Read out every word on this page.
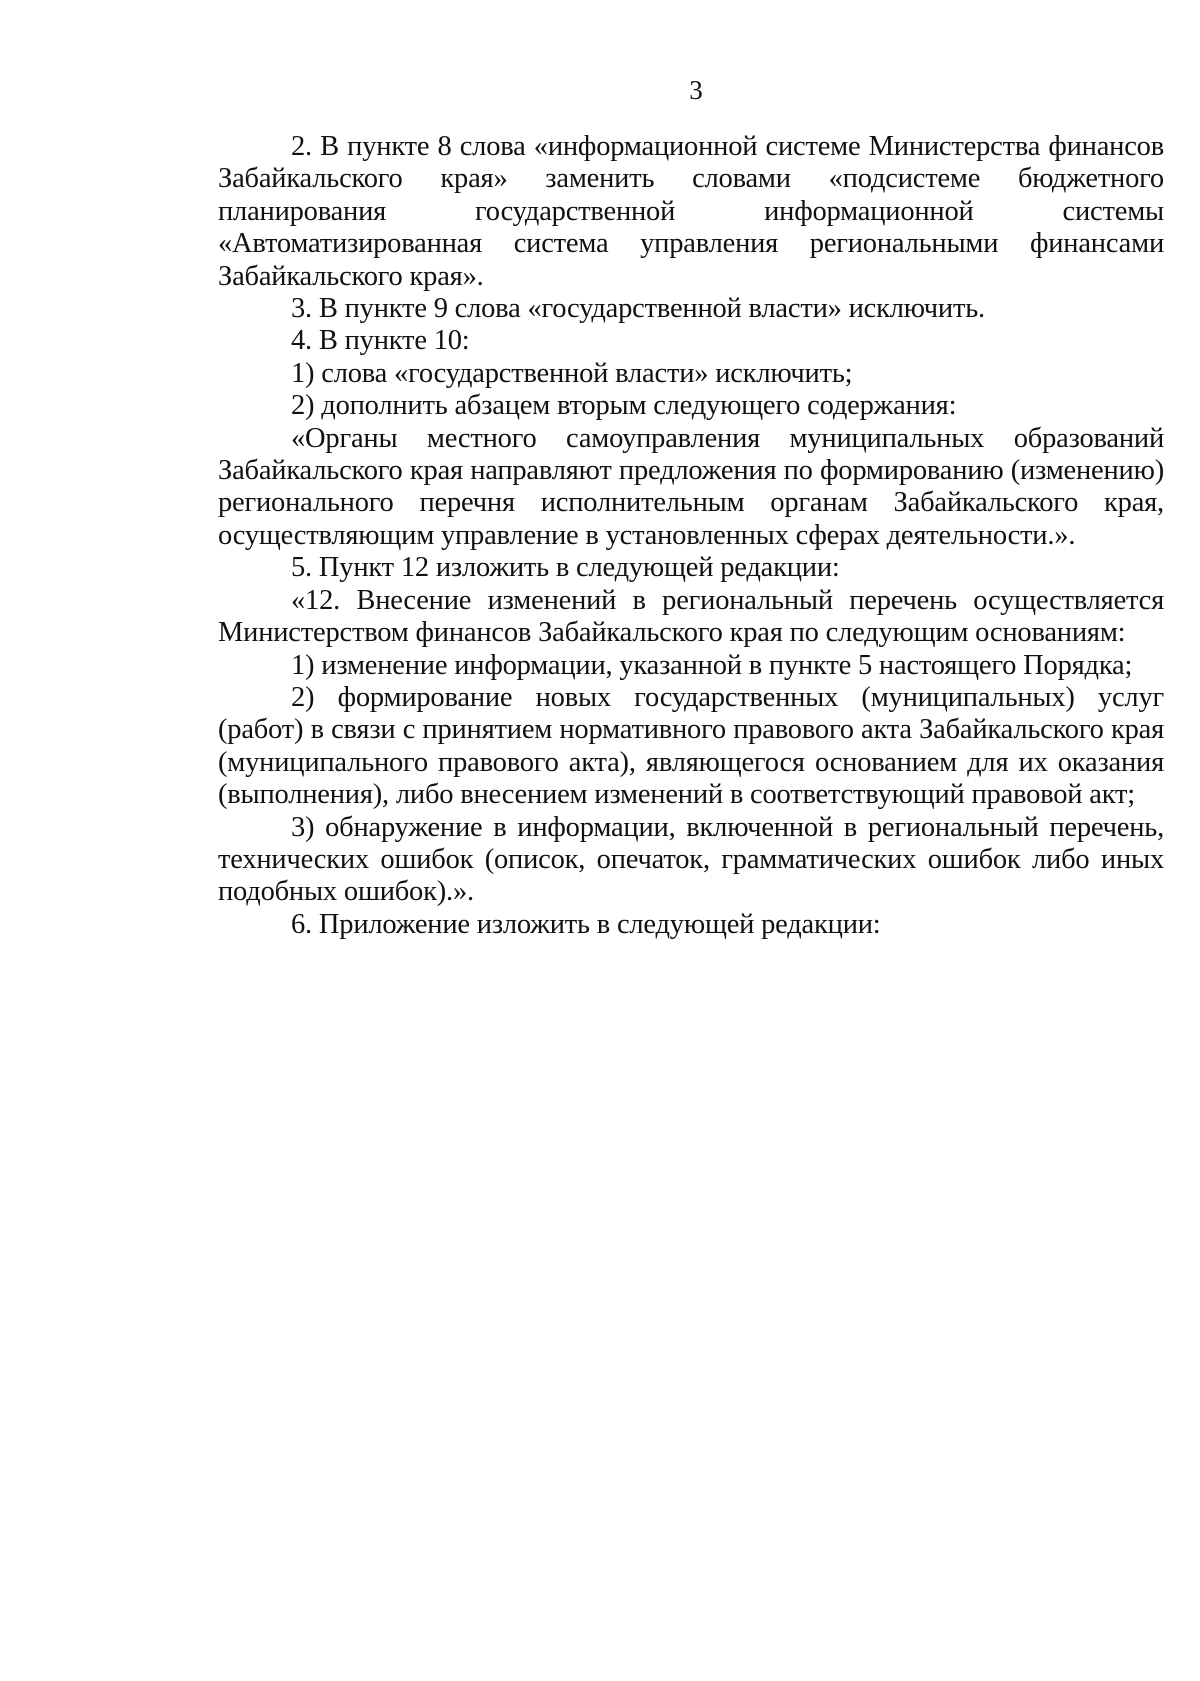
3

2. В пункте 8 слова «информационной системе Министерства финансов Забайкальского края» заменить словами «подсистеме бюджетного планирования государственной информационной системы «Автоматизированная система управления региональными финансами Забайкальского края».

3. В пункте 9 слова «государственной власти» исключить.

4. В пункте 10:

1) слова «государственной власти» исключить;

2) дополнить абзацем вторым следующего содержания:

«Органы местного самоуправления муниципальных образований Забайкальского края направляют предложения по формированию (изменению) регионального перечня исполнительным органам Забайкальского края, осуществляющим управление в установленных сферах деятельности.».

5. Пункт 12 изложить в следующей редакции:

«12. Внесение изменений в региональный перечень осуществляется Министерством финансов Забайкальского края по следующим основаниям:

1) изменение информации, указанной в пункте 5 настоящего Порядка;

2) формирование новых государственных (муниципальных) услуг (работ) в связи с принятием нормативного правового акта Забайкальского края (муниципального правового акта), являющегося основанием для их оказания (выполнения), либо внесением изменений в соответствующий правовой акт;

3) обнаружение в информации, включенной в региональный перечень, технических ошибок (описок, опечаток, грамматических ошибок либо иных подобных ошибок).».

6. Приложение изложить в следующей редакции:
